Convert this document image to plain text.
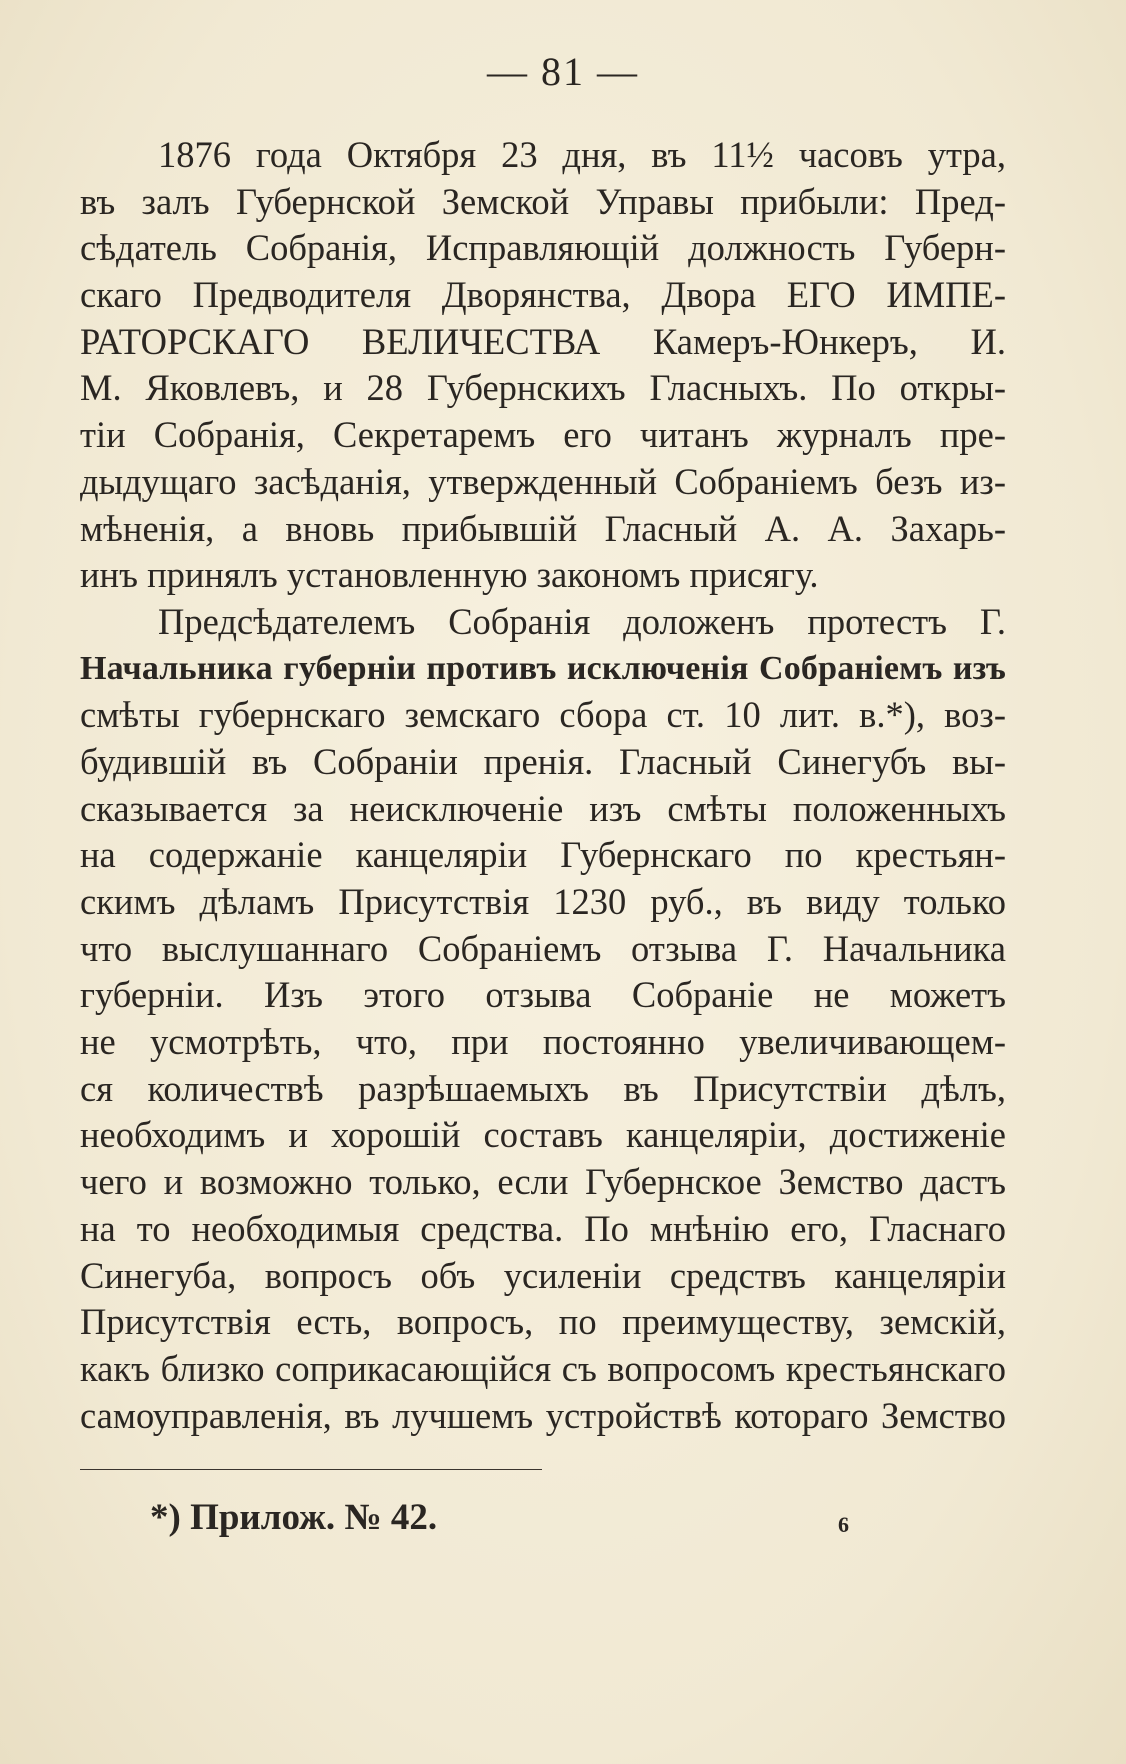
— 81 —
1876 года Октября 23 дня, въ 11½ часовъ утра,
въ залъ Губернской Земской Управы прибыли: Пред-
сѣдатель Собранія, Исправляющій должность Губерн-
скаго Предводителя Дворянства, Двора ЕГО ИМПЕ-
РАТОРСКАГО ВЕЛИЧЕСТВА Камеръ-Юнкеръ, И.
М. Яковлевъ, и 28 Губернскихъ Гласныхъ. По откры-
тіи Собранія, Секретаремъ его читанъ журналъ пре-
дыдущаго засѣданія, утвержденный Собраніемъ безъ из-
мѣненія, а вновь прибывшій Гласный А. А. Захарь-
инъ принялъ установленную закономъ присягу.
Предсѣдателемъ Собранія доложенъ протестъ Г.
Начальника губерніи противъ исключенія Собраніемъ изъ
смѣты губернскаго земскаго сбора ст. 10 лит. в.*), воз-
будившій въ Собраніи пренія. Гласный Синегубъ вы-
сказывается за неисключеніе изъ смѣты положенныхъ
на содержаніе канцеляріи Губернскаго по крестьян-
скимъ дѣламъ Присутствія 1230 руб., въ виду только
что выслушаннаго Собраніемъ отзыва Г. Начальника
губерніи. Изъ этого отзыва Собраніе не можетъ
не усмотрѣть, что, при постоянно увеличивающем-
ся количествѣ разрѣшаемыхъ въ Присутствіи дѣлъ,
необходимъ и хорошій составъ канцеляріи, достиженіе
чего и возможно только, если Губернское Земство дастъ
на то необходимыя средства. По мнѣнію его, Гласнаго
Синегуба, вопросъ объ усиленіи средствъ канцеляріи
Присутствія есть, вопросъ, по преимуществу, земскій,
какъ близко соприкасающійся съ вопросомъ крестьянскаго
самоуправленія, въ лучшемъ устройствѣ котораго Земство
*) Прилож. № 42.	6
